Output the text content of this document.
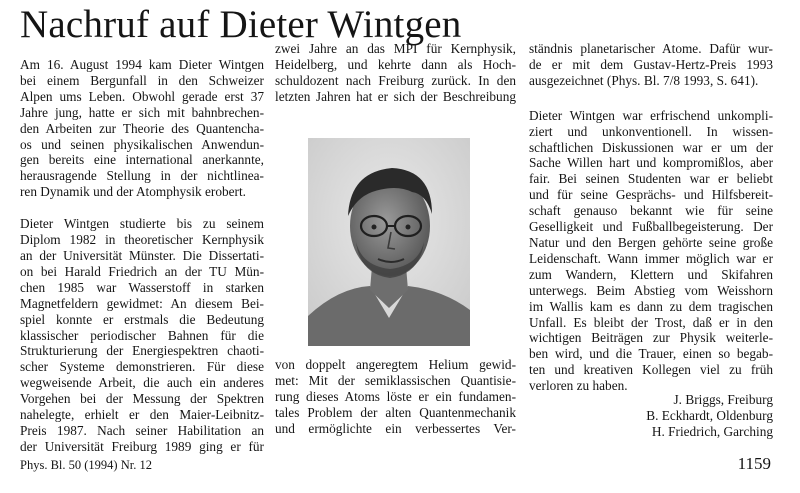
Nachruf auf Dieter Wintgen

Am 16. August 1994 kam Dieter Wintgen
bei einem Bergunfall in den Schweizer
Alpen ums Leben. Obwohl gerade erst 37
Jahre jung, hatte er sich mit bahnbrechen-
den Arbeiten zur Theorie des Quantencha-
os und seinen physikalischen Anwendun-
gen bereits eine international anerkannte,
herausragende Stellung in der nichtlinea-
ren Dynamik und der Atomphysik erobert.

Dieter Wintgen studierte bis zu seinem
Diplom 1982 in theoretischer Kernphysik
an der Universität Münster. Die Dissertati-
on bei Harald Friedrich an der TU Mün-
chen 1985 war Wasserstoff in starken
Magnetfeldern gewidmet: An diesem Bei-
spiel konnte er erstmals die Bedeutung
klassischer periodischer Bahnen für die
Strukturierung der Energiespektren chaoti-
scher Systeme demonstrieren. Für diese
wegweisende Arbeit, die auch ein anderes
Vorgehen bei der Messung der Spektren
nahelegte, erhielt er den Maier-Leibnitz-
Preis 1987. Nach seiner Habilitation an
der Universität Freiburg 1989 ging er für

zwei Jahre an das MPI für Kernphysik,
Heidelberg, und kehrte dann als Hoch-
schuldozent nach Freiburg zurück. In den
letzten Jahren hat er sich der Beschreibung

von doppelt angeregtem Helium gewid-
met: Mit der semiklassischen Quantisie-
rung dieses Atoms löste er ein fundamen-
tales Problem der alten Quantenmechanik
und ermöglichte ein verbessertes Ver-

ständnis planetarischer Atome. Dafür wur-
de er mit dem Gustav-Hertz-Preis 1993
ausgezeichnet (Phys. Bl. 7/8 1993, S. 641).

Dieter Wintgen war erfrischend unkompli-
ziert und unkonventionell. In wissen-
schaftlichen Diskussionen war er um der
Sache Willen hart und kompromißlos, aber
fair. Bei seinen Studenten war er beliebt
und für seine Gesprächs- und Hilfsbereit-
schaft genauso bekannt wie für seine
Geselligkeit und Fußballbegeisterung. Der
Natur und den Bergen gehörte seine große
Leidenschaft. Wann immer möglich war er
zum Wandern, Klettern und Skifahren
unterwegs. Beim Abstieg vom Weisshorn
im Wallis kam es dann zu dem tragischen
Unfall. Es bleibt der Trost, daß er in den
wichtigen Beiträgen zur Physik weiterle-
ben wird, und die Trauer, einen so begab-
ten und kreativen Kollegen viel zu früh
verloren zu haben.

J. Briggs, Freiburg
B. Eckhardt, Oldenburg
H. Friedrich, Garching
Phys. Bl. 50 (1994) Nr. 12	1159
